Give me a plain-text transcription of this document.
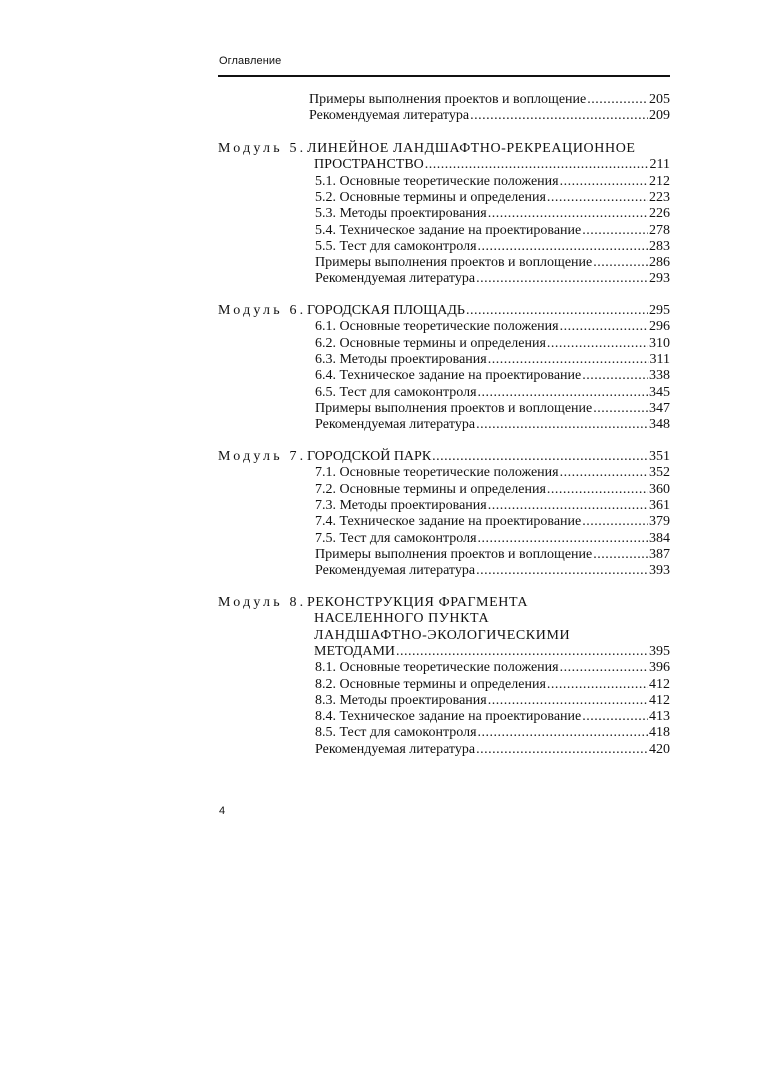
Оглавление
Примеры выполнения проектов и воплощение .....	205
Рекомендуемая литература .....	209
Модуль 5. ЛИНЕЙНОЕ ЛАНДШАФТНО-РЕКРЕАЦИОННОЕ
ПРОСТРАНСТВО .....	211
5.1. Основные теоретические положения .....	212
5.2. Основные термины и определения .....	223
5.3. Методы проектирования .....	226
5.4. Техническое задание на проектирование .....	278
5.5. Тест для самоконтроля .....	283
Примеры выполнения проектов и воплощение .....	286
Рекомендуемая литература .....	293
Модуль 6. ГОРОДСКАЯ ПЛОЩАДЬ .....	295
6.1. Основные теоретические положения .....	296
6.2. Основные термины и определения .....	310
6.3. Методы проектирования .....	311
6.4. Техническое задание на проектирование .....	338
6.5. Тест для самоконтроля .....	345
Примеры выполнения проектов и воплощение .....	347
Рекомендуемая литература .....	348
Модуль 7. ГОРОДСКОЙ ПАРК .....	351
7.1. Основные теоретические положения .....	352
7.2. Основные термины и определения .....	360
7.3. Методы проектирования .....	361
7.4. Техническое задание на проектирование .....	379
7.5. Тест для самоконтроля .....	384
Примеры выполнения проектов и воплощение .....	387
Рекомендуемая литература .....	393
Модуль 8. РЕКОНСТРУКЦИЯ ФРАГМЕНТА
НАСЕЛЕННОГО ПУНКТА
ЛАНДШАФТНО-ЭКОЛОГИЧЕСКИМИ
МЕТОДАМИ .....	395
8.1. Основные теоретические положения .....	396
8.2. Основные термины и определения .....	412
8.3. Методы проектирования .....	412
8.4. Техническое задание на проектирование .....	413
8.5. Тест для самоконтроля .....	418
Рекомендуемая литература .....	420
4
